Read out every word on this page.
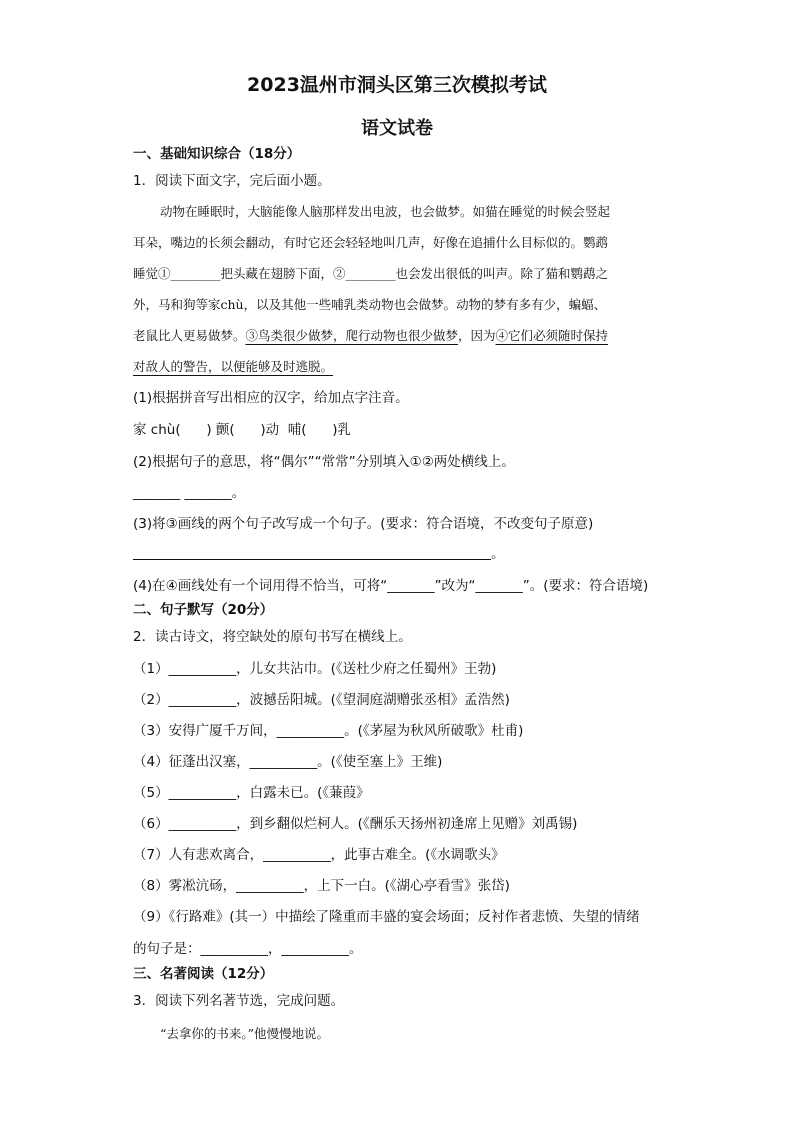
2023温州市洞头区第三次模拟考试
语文试卷
一、基础知识综合（18分）
1．阅读下面文字，完后面小题。
动物在睡眠时，大脑能像人脑那样发出电波，也会做梦。如猫在睡觉的时候会竖起
耳朵，嘴边的长须会翻动，有时它还会轻轻地叫几声，好像在追捕什么目标似的。鹦鹉
睡觉①________把头藏在翅膀下面，②________也会发出很低的叫声。除了猫和鹦鹉之
外，马和狗等家chù，以及其他一些哺乳类动物也会做梦。动物的梦有多有少，蝙蝠、
老鼠比人更易做梦。③鸟类很少做梦，爬行动物也很少做梦，因为④它们必须随时保持
对敌人的警告，以便能够及时逃脱。
(1)根据拼音写出相应的汉字，给加点字注音。
家 chù(      ) 颤(      )动  哺(      )乳
(2)根据句子的意思，将“偶尔”“常常”分别填入①②两处横线上。
_______ _______。
(3)将③画线的两个句子改写成一个句子。(要求：符合语境，不改变句子原意)
。
(4)在④画线处有一个词用得不恰当，可将“_______”改为“_______”。(要求：符合语境)
二、句子默写（20分）
2．读古诗文，将空缺处的原句书写在横线上。
（1）__________，儿女共沾巾。(《送杜少府之任蜀州》王勃)
（2）__________，波撼岳阳城。(《望洞庭湖赠张丞相》孟浩然)
（3）安得广厦千万间，__________。(《茅屋为秋风所破歌》杜甫)
（4）征蓬出汉塞，__________。(《使至塞上》王维)
（5）__________，白露未已。(《蒹葭》
（6）__________，到乡翻似烂柯人。(《酬乐天扬州初逢席上见赠》刘禹锡)
（7）人有悲欢离合，__________，此事古难全。(《水调歌头》
（8）雾凇沆砀，__________，上下一白。(《湖心亭看雪》张岱)
（9）《行路难》(其一）中描绘了隆重而丰盛的宴会场面；反衬作者悲愤、失望的情绪
的句子是：__________，__________。
三、名著阅读（12分）
3．阅读下列名著节选，完成问题。
“去拿你的书来。”他慢慢地说。
